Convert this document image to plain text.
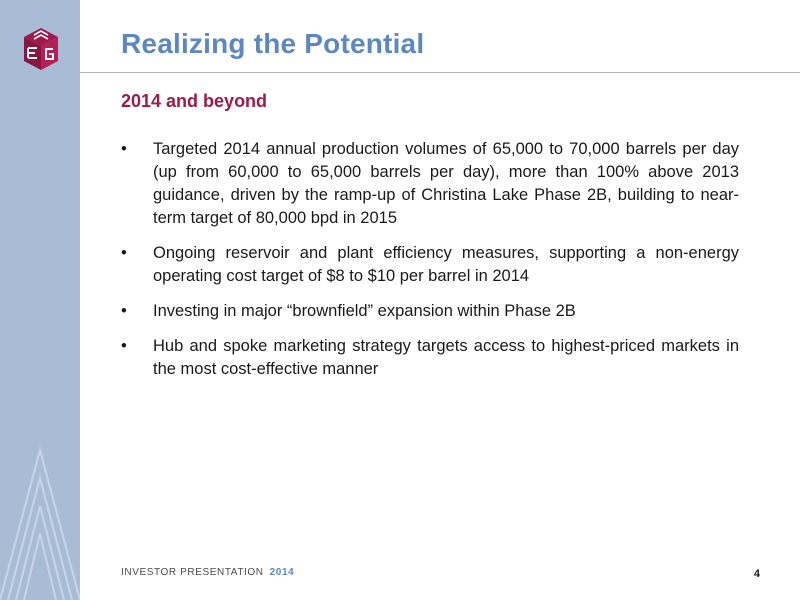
Realizing the Potential
2014 and beyond
•	Targeted 2014 annual production volumes of 65,000 to 70,000 barrels per day (up from 60,000 to 65,000 barrels per day), more than 100% above 2013 guidance, driven by the ramp-up of Christina Lake Phase 2B, building to near-term target of 80,000 bpd in 2015
•	Ongoing reservoir and plant efficiency measures, supporting a non-energy operating cost target of $8 to $10 per barrel in 2014
•	Investing in major “brownfield” expansion within Phase 2B
•	Hub and spoke marketing strategy targets access to highest-priced markets in the most cost-effective manner
INVESTOR PRESENTATION 2014	4
